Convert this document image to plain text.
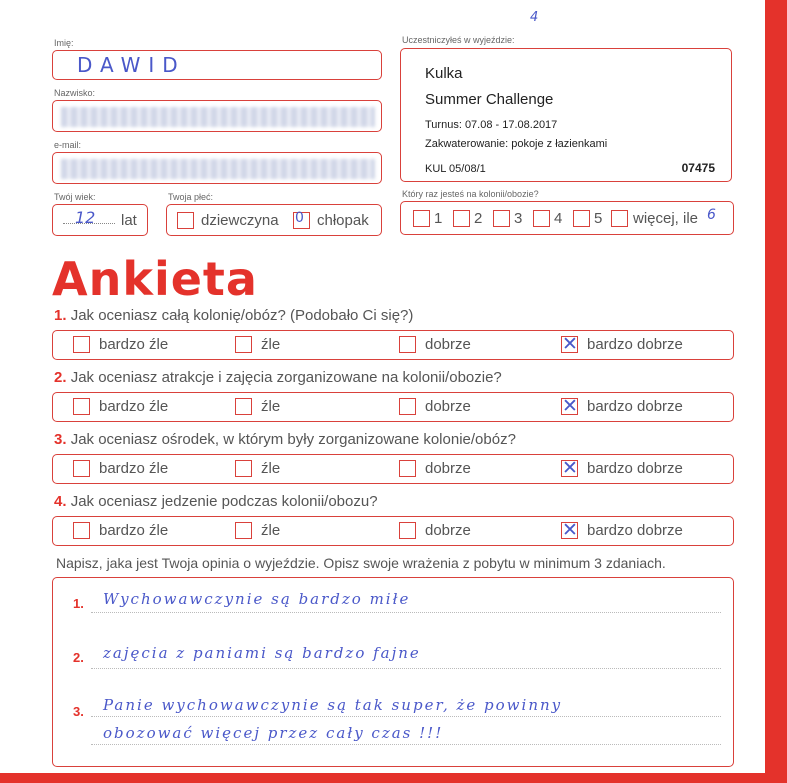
4
Imię:
DAWID
Nazwisko:
e-mail:
Twój wiek:
12 lat
Twoja płeć:
dziewczyna 0 chłopak
Uczestniczyłeś w wyjeździe:
Kulka
Summer Challenge
Turnus: 07.08 - 17.08.2017
Zakwaterowanie: pokoje z łazienkami
KUL 05/08/1	07475
Który raz jesteś na kolonii/obozie?
1 2 3 4 5 więcej, ile 6
Ankieta
1. Jak oceniasz całą kolonię/obóz? (Podobało Ci się?)
bardzo źle	źle	dobrze	✕ bardzo dobrze
2. Jak oceniasz atrakcje i zajęcia zorganizowane na kolonii/obozie?
bardzo źle	źle	dobrze	✕ bardzo dobrze
3. Jak oceniasz ośrodek, w którym były zorganizowane kolonie/obóz?
bardzo źle	źle	dobrze	✕ bardzo dobrze
4. Jak oceniasz jedzenie podczas kolonii/obozu?
bardzo źle	źle	dobrze	✕ bardzo dobrze
Napisz, jaka jest Twoja opinia o wyjeździe. Opisz swoje wrażenia z pobytu w minimum 3 zdaniach.
1. Wychowawczynie są bardzo miłe
2. zajęcia z paniami są bardzo fajne
3. Panie wychowawczynie są tak super, że powinny
obozować więcej przez cały czas !!!
